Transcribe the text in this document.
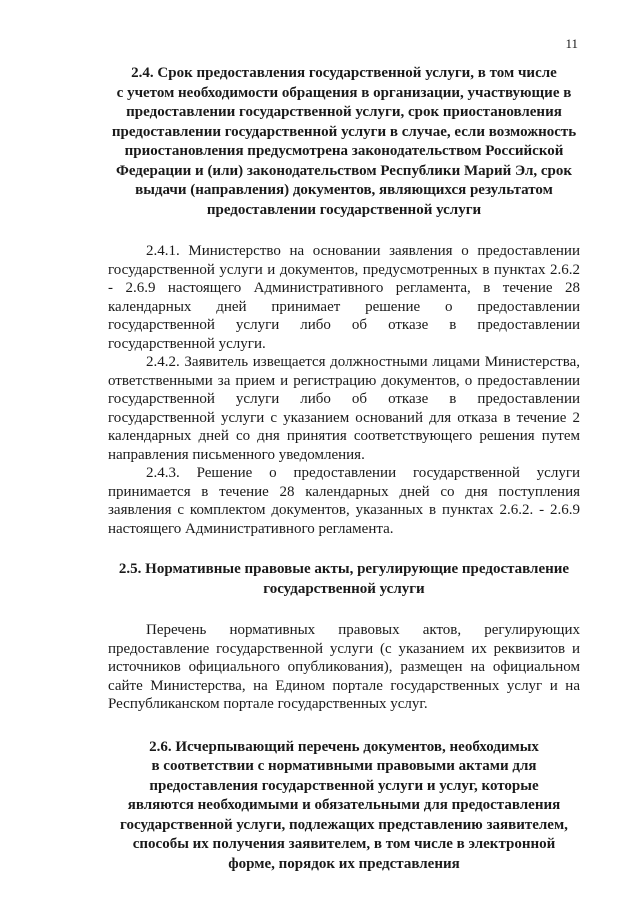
11
2.4. Срок предоставления государственной услуги, в том числе
с учетом необходимости обращения в организации, участвующие в
предоставлении государственной услуги, срок приостановления
предоставлении государственной услуги в случае, если возможность
приостановления предусмотрена законодательством Российской
Федерации и (или) законодательством Республики Марий Эл, срок
выдачи (направления) документов, являющихся результатом
предоставлении государственной услуги

2.4.1. Министерство на основании заявления о предоставлении государственной услуги и документов, предусмотренных в пунктах 2.6.2 - 2.6.9 настоящего Административного регламента, в течение 28 календарных дней принимает решение о предоставлении государственной услуги либо об отказе в предоставлении государственной услуги.

2.4.2. Заявитель извещается должностными лицами Министерства, ответственными за прием и регистрацию документов, о предоставлении государственной услуги либо об отказе в предоставлении государственной услуги с указанием оснований для отказа в течение 2 календарных дней со дня принятия соответствующего решения путем направления письменного уведомления.

2.4.3. Решение о предоставлении государственной услуги принимается в течение 28 календарных дней со дня поступления заявления с комплектом документов, указанных в пунктах 2.6.2. - 2.6.9 настоящего Административного регламента.

2.5. Нормативные правовые акты, регулирующие предоставление
государственной услуги

Перечень нормативных правовых актов, регулирующих предоставление государственной услуги (с указанием их реквизитов и источников официального опубликования), размещен на официальном сайте Министерства, на Едином портале государственных услуг и на Республиканском портале государственных услуг.

2.6. Исчерпывающий перечень документов, необходимых
в соответствии с нормативными правовыми актами для
предоставления государственной услуги и услуг, которые
являются необходимыми и обязательными для предоставления
государственной услуги, подлежащих представлению заявителем,
способы их получения заявителем, в том числе в электронной
форме, порядок их представления
